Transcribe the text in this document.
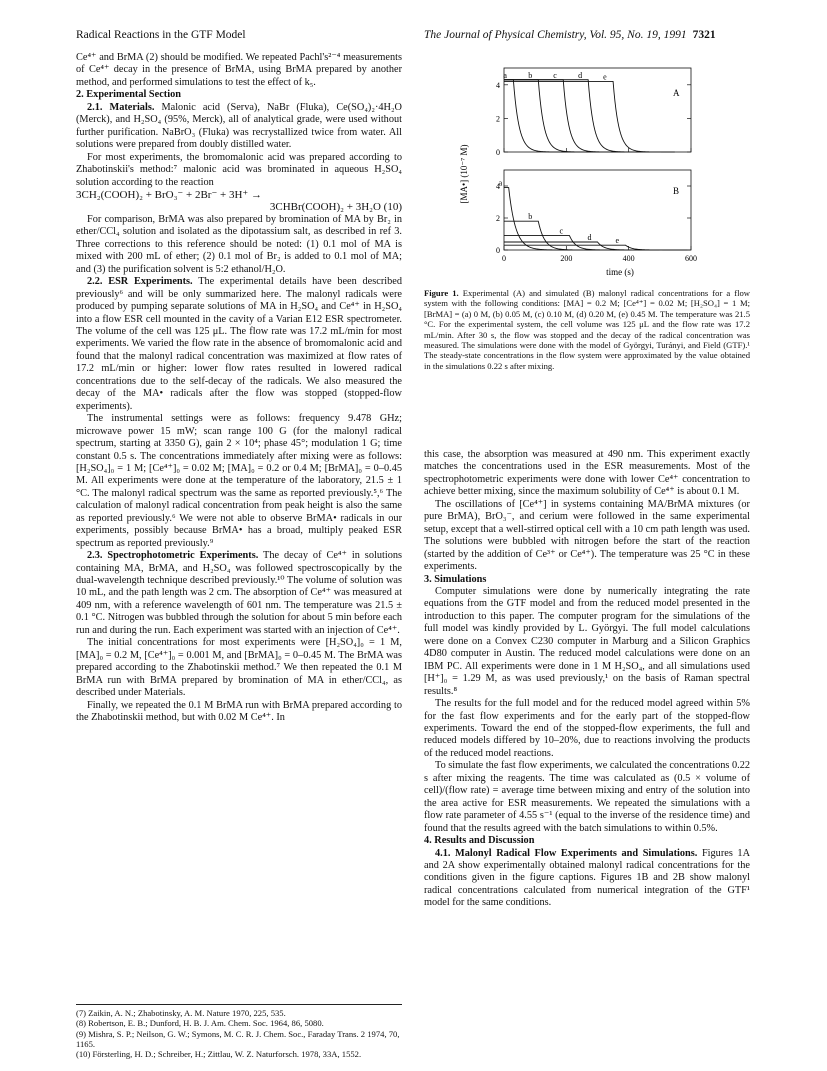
Radical Reactions in the GTF Model	The Journal of Physical Chemistry, Vol. 95, No. 19, 1991 7321

Ce⁴⁺ and BrMA (2) should be modified. We repeated Pachl's²⁻⁴ measurements of Ce⁴⁺ decay in the presence of BrMA, using BrMA prepared by another method, and performed simulations to test the effect of k₅.

2. Experimental Section

2.1. Materials. Malonic acid (Serva), NaBr (Fluka), Ce(SO₄)₂·4H₂O (Merck), and H₂SO₄ (95%, Merck), all of analytical grade, were used without further purification. NaBrO₃ (Fluka) was recrystallized twice from water. All solutions were prepared from doubly distilled water.

For most experiments, the bromomalonic acid was prepared according to Zhabotinskii's method:⁷ malonic acid was brominated in aqueous H₂SO₄ solution according to the reaction

3CH₂(COOH)₂ + BrO₃⁻ + 2Br⁻ + 3H⁺ →

3CHBr(COOH)₂ + 3H₂O (10)

For comparison, BrMA was also prepared by bromination of MA by Br₂ in ether/CCl₄ solution and isolated as the dipotassium salt, as described in ref 3. Three corrections to this reference should be noted: (1) 0.1 mol of MA is mixed with 200 mL of ether; (2) 0.1 mol of Br₂ is added to 0.1 mol of MA; and (3) the purification solvent is 5:2 ethanol/H₂O.

2.2. ESR Experiments. The experimental details have been described previously⁶ and will be only summarized here. The malonyl radicals were produced by pumping separate solutions of MA in H₂SO₄ and Ce⁴⁺ in H₂SO₄ into a flow ESR cell mounted in the cavity of a Varian E12 ESR spectrometer. The volume of the cell was 125 μL. The flow rate was 17.2 mL/min for most experiments. We varied the flow rate in the absence of bromomalonic acid and found that the malonyl radical concentration was maximized at flow rates of 17.2 mL/min or higher: lower flow rates resulted in lowered radical concentrations due to the self-decay of the radicals. We also measured the decay of the MA• radicals after the flow was stopped (stopped-flow experiments).

The instrumental settings were as follows: frequency 9.478 GHz; microwave power 15 mW; scan range 100 G (for the malonyl radical spectrum, starting at 3350 G), gain 2 × 10⁴; phase 45°; modulation 1 G; time constant 0.5 s. The concentrations immediately after mixing were as follows: [H₂SO₄]₀ = 1 M; [Ce⁴⁺]₀ = 0.02 M; [MA]₀ = 0.2 or 0.4 M; [BrMA]₀ = 0–0.45 M. All experiments were done at the temperature of the laboratory, 21.5 ± 1 °C. The malonyl radical spectrum was the same as reported previously.⁵,⁶ The calculation of malonyl radical concentration from peak height is also the same as reported previously.⁶ We were not able to observe BrMA• radicals in our experiments, possibly because BrMA• has a broad, multiply peaked ESR spectrum as reported previously.⁹

2.3. Spectrophotometric Experiments. The decay of Ce⁴⁺ in solutions containing MA, BrMA, and H₂SO₄ was followed spectroscopically by the dual-wavelength technique described previously.¹⁰ The volume of solution was 10 mL, and the path length was 2 cm. The absorption of Ce⁴⁺ was measured at 409 nm, with a reference wavelength of 601 nm. The temperature was 21.5 ± 0.1 °C. Nitrogen was bubbled through the solution for about 5 min before each run and during the run. Each experiment was started with an injection of Ce⁴⁺.

The initial concentrations for most experiments were [H₂SO₄]₀ = 1 M, [MA]₀ = 0.2 M, [Ce⁴⁺]₀ = 0.001 M, and [BrMA]₀ = 0–0.45 M. The BrMA was prepared according to the Zhabotinskii method.⁷ We then repeated the 0.1 M BrMA run with BrMA prepared by bromination of MA in ether/CCl₄, as described under Materials.

Finally, we repeated the 0.1 M BrMA run with BrMA prepared according to the Zhabotinskii method, but with 0.02 M Ce⁴⁺. In

(7) Zaikin, A. N.; Zhabotinsky, A. M. Nature 1970, 225, 535.
(8) Robertson, E. B.; Dunford, H. B. J. Am. Chem. Soc. 1964, 86, 5080.
(9) Mishra, S. P.; Neilson, G. W.; Symons, M. C. R. J. Chem. Soc., Faraday Trans. 2 1974, 70, 1165.
(10) Försterling, H. D.; Schreiber, H.; Zittlau, W. Z. Naturforsch. 1978, 33A, 1552.
[MA•] (10⁻⁷ M)
time (s)
0
2
4
A
a	b	c	d	e
0
2
4	B
a
b
c
d	e
0	200	400	600
Figure 1. Experimental (A) and simulated (B) malonyl radical concentrations for a flow system with the following conditions: [MA] = 0.2 M; [Ce⁴⁺] = 0.02 M; [H₂SO₄] = 1 M; [BrMA] = (a) 0 M, (b) 0.05 M, (c) 0.10 M, (d) 0.20 M, (e) 0.45 M. The temperature was 21.5 °C. For the experimental system, the cell volume was 125 μL and the flow rate was 17.2 mL/min. After 30 s, the flow was stopped and the decay of the radical concentration was measured. The simulations were done with the model of Györgyi, Turányi, and Field (GTF).¹ The steady-state concentrations in the flow system were approximated by the value obtained in the simulations 0.22 s after mixing.

this case, the absorption was measured at 490 nm. This experiment exactly matches the concentrations used in the ESR measurements. Most of the spectrophotometric experiments were done with lower Ce⁴⁺ concentration to achieve better mixing, since the maximum solubility of Ce⁴⁺ is about 0.1 M.

The oscillations of [Ce⁴⁺] in systems containing MA/BrMA mixtures (or pure BrMA), BrO₃⁻, and cerium were followed in the same experimental setup, except that a well-stirred optical cell with a 10 cm path length was used. The solutions were bubbled with nitrogen before the start of the reaction (started by the addition of Ce³⁺ or Ce⁴⁺). The temperature was 25 °C in these experiments.

3. Simulations

Computer simulations were done by numerically integrating the rate equations from the GTF model and from the reduced model presented in the introduction to this paper. The computer program for the simulations of the full model was kindly provided by L. Györgyi. The full model calculations were done on a Convex C230 computer in Marburg and a Silicon Graphics 4D80 computer in Austin. The reduced model calculations were done on an IBM PC. All experiments were done in 1 M H₂SO₄, and all simulations used [H⁺]₀ = 1.29 M, as was used previously,¹ on the basis of Raman spectral results.⁸

The results for the full model and for the reduced model agreed within 5% for the fast flow experiments and for the early part of the stopped-flow experiments. Toward the end of the stopped-flow experiments, the full and reduced models differed by 10–20%, due to reactions involving the products of the reduced model reactions.

To simulate the fast flow experiments, we calculated the concentrations 0.22 s after mixing the reagents. The time was calculated as (0.5 × volume of cell)/(flow rate) = average time between mixing and entry of the solution into the area active for ESR measurements. We repeated the simulations with a flow rate parameter of 4.55 s⁻¹ (equal to the inverse of the residence time) and found that the results agreed with the batch simulations to within 0.5%.

4. Results and Discussion

4.1. Malonyl Radical Flow Experiments and Simulations. Figures 1A and 2A show experimentally obtained malonyl radical concentrations for the conditions given in the figure captions. Figures 1B and 2B show malonyl radical concentrations calculated from numerical integration of the GTF¹ model for the same conditions.
